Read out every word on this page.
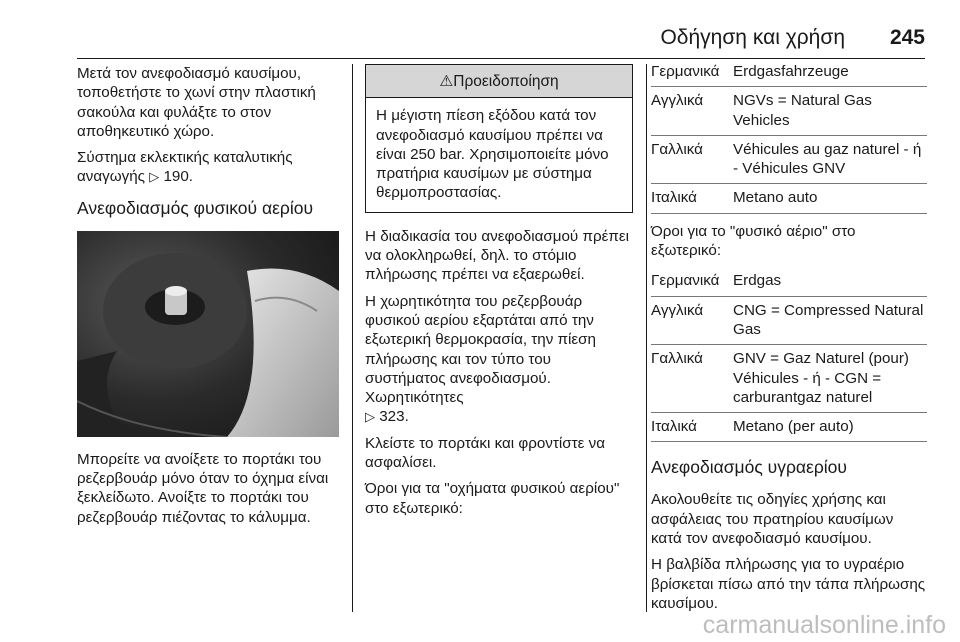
Οδήγηση και χρήση 245

Μετά τον ανεφοδιασμό καυσίμου, τοποθετήστε το χωνί στην πλαστική σακούλα και φυλάξτε το στον αποθηκευτικό χώρο.

Σύστημα εκλεκτικής καταλυτικής αναγωγής ▷ 190.

Ανεφοδιασμός φυσικού αερίου

Μπορείτε να ανοίξετε το πορτάκι του ρεζερβουάρ μόνο όταν το όχημα είναι ξεκλείδωτο. Ανοίξτε το πορτάκι του ρεζερβουάρ πιέζοντας το κάλυμμα.

⚠Προειδοποίηση
Η μέγιστη πίεση εξόδου κατά τον ανεφοδιασμό καυσίμου πρέπει να είναι 250 bar. Χρησιμοποιείτε μόνο πρατήρια καυσίμων με σύστημα θερμοπροστασίας.

Η διαδικασία του ανεφοδιασμού πρέπει να ολοκληρωθεί, δηλ. το στόμιο πλήρωσης πρέπει να εξαερωθεί.

Η χωρητικότητα του ρεζερβουάρ φυσικού αερίου εξαρτάται από την εξωτερική θερμοκρασία, την πίεση πλήρωσης και τον τύπο του συστήματος ανεφοδιασμού. Χωρητικότητες
▷ 323.

Κλείστε το πορτάκι και φροντίστε να ασφαλίσει.

Όροι για τα "οχήματα φυσικού αερίου" στο εξωτερικό:

Γερμανικά	Erdgasfahrzeuge
Αγγλικά	NGVs = Natural Gas Vehicles
Γαλλικά	Véhicules au gaz naturel - ή - Véhicules GNV
Ιταλικά	Metano auto

Όροι για το "φυσικό αέριο" στο εξωτερικό:

Γερμανικά	Erdgas
Αγγλικά	CNG = Compressed Natural Gas
Γαλλικά	GNV = Gaz Naturel (pour) Véhicules - ή - CGN = carburantgaz naturel
Ιταλικά	Metano (per auto)
Ανεφοδιασμός υγραερίου

Ακολουθείτε τις οδηγίες χρήσης και ασφάλειας του πρατηρίου καυσίμων κατά τον ανεφοδιασμό καυσίμου.

Η βαλβίδα πλήρωσης για το υγραέριο βρίσκεται πίσω από την τάπα πλήρωσης καυσίμου.

carmanualsonline.info
